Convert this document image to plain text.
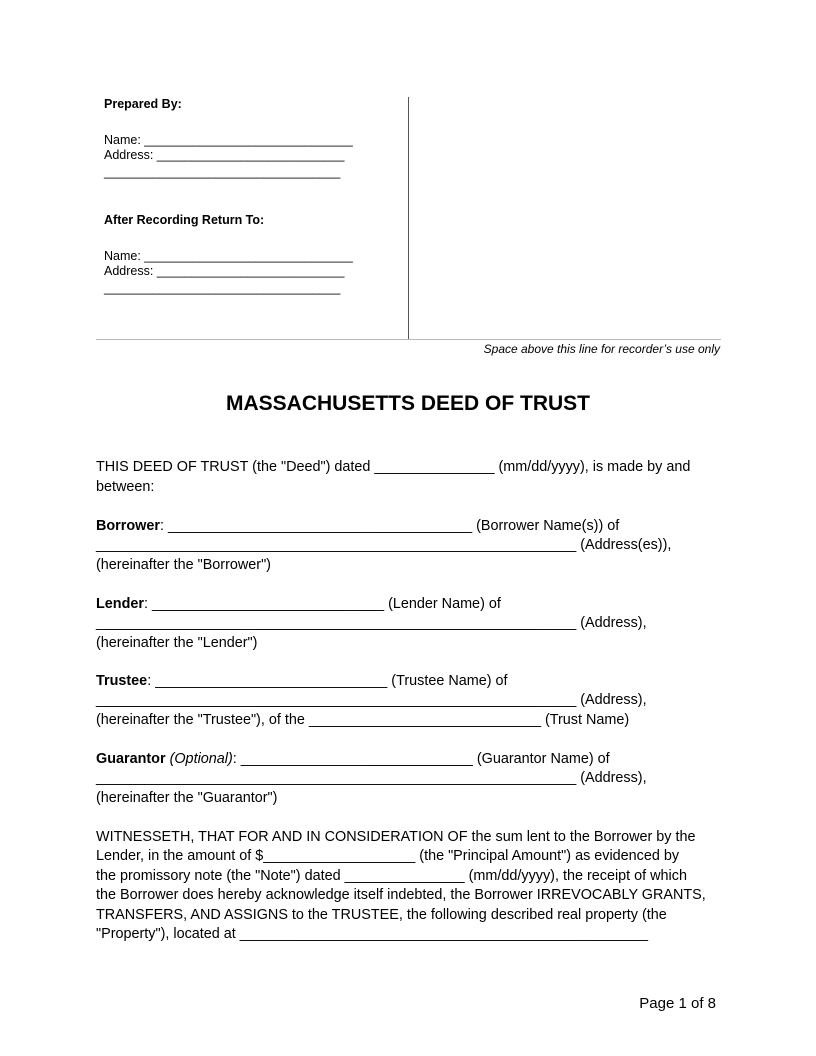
Prepared By:
Name: ______________________________
Address: ___________________________
__________________________________
After Recording Return To:
Name: ______________________________
Address: ___________________________
__________________________________
Space above this line for recorder’s use only
MASSACHUSETTS DEED OF TRUST
THIS DEED OF TRUST (the "Deed") dated _______________ (mm/dd/yyyy), is made by and
between:
Borrower: ______________________________________ (Borrower Name(s)) of
____________________________________________________________ (Address(es)),
(hereinafter the "Borrower")
Lender: _____________________________ (Lender Name) of
____________________________________________________________ (Address),
(hereinafter the "Lender")
Trustee: _____________________________ (Trustee Name) of
____________________________________________________________ (Address),
(hereinafter the "Trustee"), of the _____________________________ (Trust Name)
Guarantor (Optional): _____________________________ (Guarantor Name) of
____________________________________________________________ (Address),
(hereinafter the "Guarantor")
WITNESSETH, THAT FOR AND IN CONSIDERATION OF the sum lent to the Borrower by the
Lender, in the amount of $___________________ (the "Principal Amount") as evidenced by
the promissory note (the "Note") dated _______________ (mm/dd/yyyy), the receipt of which
the Borrower does hereby acknowledge itself indebted, the Borrower IRREVOCABLY GRANTS,
TRANSFERS, AND ASSIGNS to the TRUSTEE, the following described real property (the
"Property"), located at ___________________________________________________
Page 1 of 8
